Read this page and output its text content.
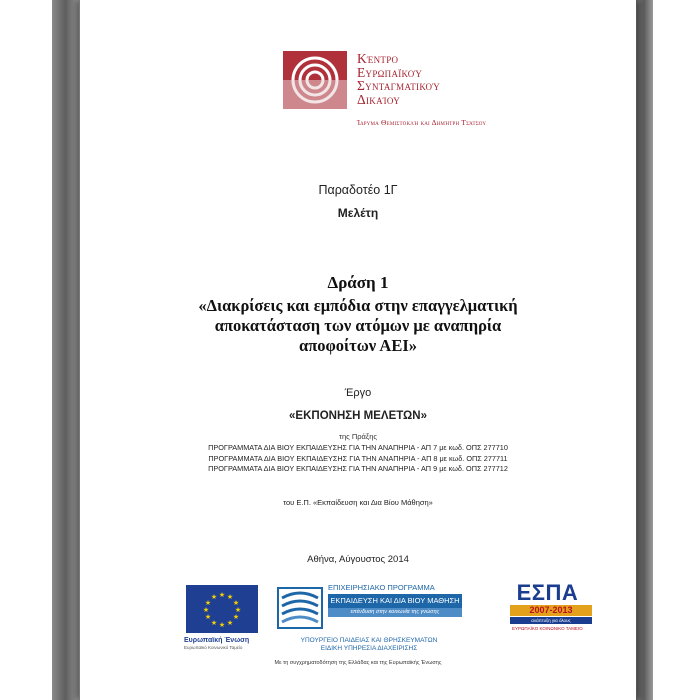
Κέντρο
Ευρωπαϊκού
Συνταγματικού
Δικαίου
Ίδρυμα Θεμιστοκλή και Δημήτρη Τσάτσου
Παραδοτέο 1Γ
Μελέτη
Δράση 1
«Διακρίσεις και εμπόδια στην επαγγελματική
αποκατάσταση των ατόμων με αναπηρία
αποφοίτων ΑΕΙ»
Έργο
«ΕΚΠΟΝΗΣΗ ΜΕΛΕΤΩΝ»
της Πράξης
ΠΡΟΓΡΑΜΜΑΤΑ ΔΙΑ ΒΙΟΥ ΕΚΠΑΙΔΕΥΣΗΣ ΓΙΑ ΤΗΝ ΑΝΑΠΗΡΙΑ - ΑΠ 7 με κωδ. ΟΠΣ 277710
ΠΡΟΓΡΑΜΜΑΤΑ ΔΙΑ ΒΙΟΥ ΕΚΠΑΙΔΕΥΣΗΣ ΓΙΑ ΤΗΝ ΑΝΑΠΗΡΙΑ - ΑΠ 8 με κωδ. ΟΠΣ 277711
ΠΡΟΓΡΑΜΜΑΤΑ ΔΙΑ ΒΙΟΥ ΕΚΠΑΙΔΕΥΣΗΣ ΓΙΑ ΤΗΝ ΑΝΑΠΗΡΙΑ - ΑΠ 9 με κωδ. ΟΠΣ 277712
του Ε.Π. «Εκπαίδευση και Δια Βίου Μάθηση»
Αθήνα, Αύγουστος 2014
★ ★
★
★
★
★
★
★
★
★
★
★
Ευρωπαϊκή Ένωση
Ευρωπαϊκό Κοινωνικό Ταμείο
ΕΠΙΧΕΙΡΗΣΙΑΚΟ ΠΡΟΓΡΑΜΜΑ
ΕΚΠΑΙΔΕΥΣΗ ΚΑΙ ΔΙΑ ΒΙΟΥ ΜΑΘΗΣΗ
επένδυση στην κοινωνία της γνώσης
ΥΠΟΥΡΓΕΙΟ ΠΑΙΔΕΙΑΣ ΚΑΙ ΘΡΗΣΚΕΥΜΑΤΩΝ
ΕΙΔΙΚΗ ΥΠΗΡΕΣΙΑ ΔΙΑΧΕΙΡΙΣΗΣ
ΕΣΠΑ
2007-2013
ανάπτυξη για όλους
ΕΥΡΩΠΑΪΚΟ ΚΟΙΝΩΝΙΚΟ ΤΑΜΕΙΟ
Με τη συγχρηματοδότηση της Ελλάδας και της Ευρωπαϊκής Ένωσης
